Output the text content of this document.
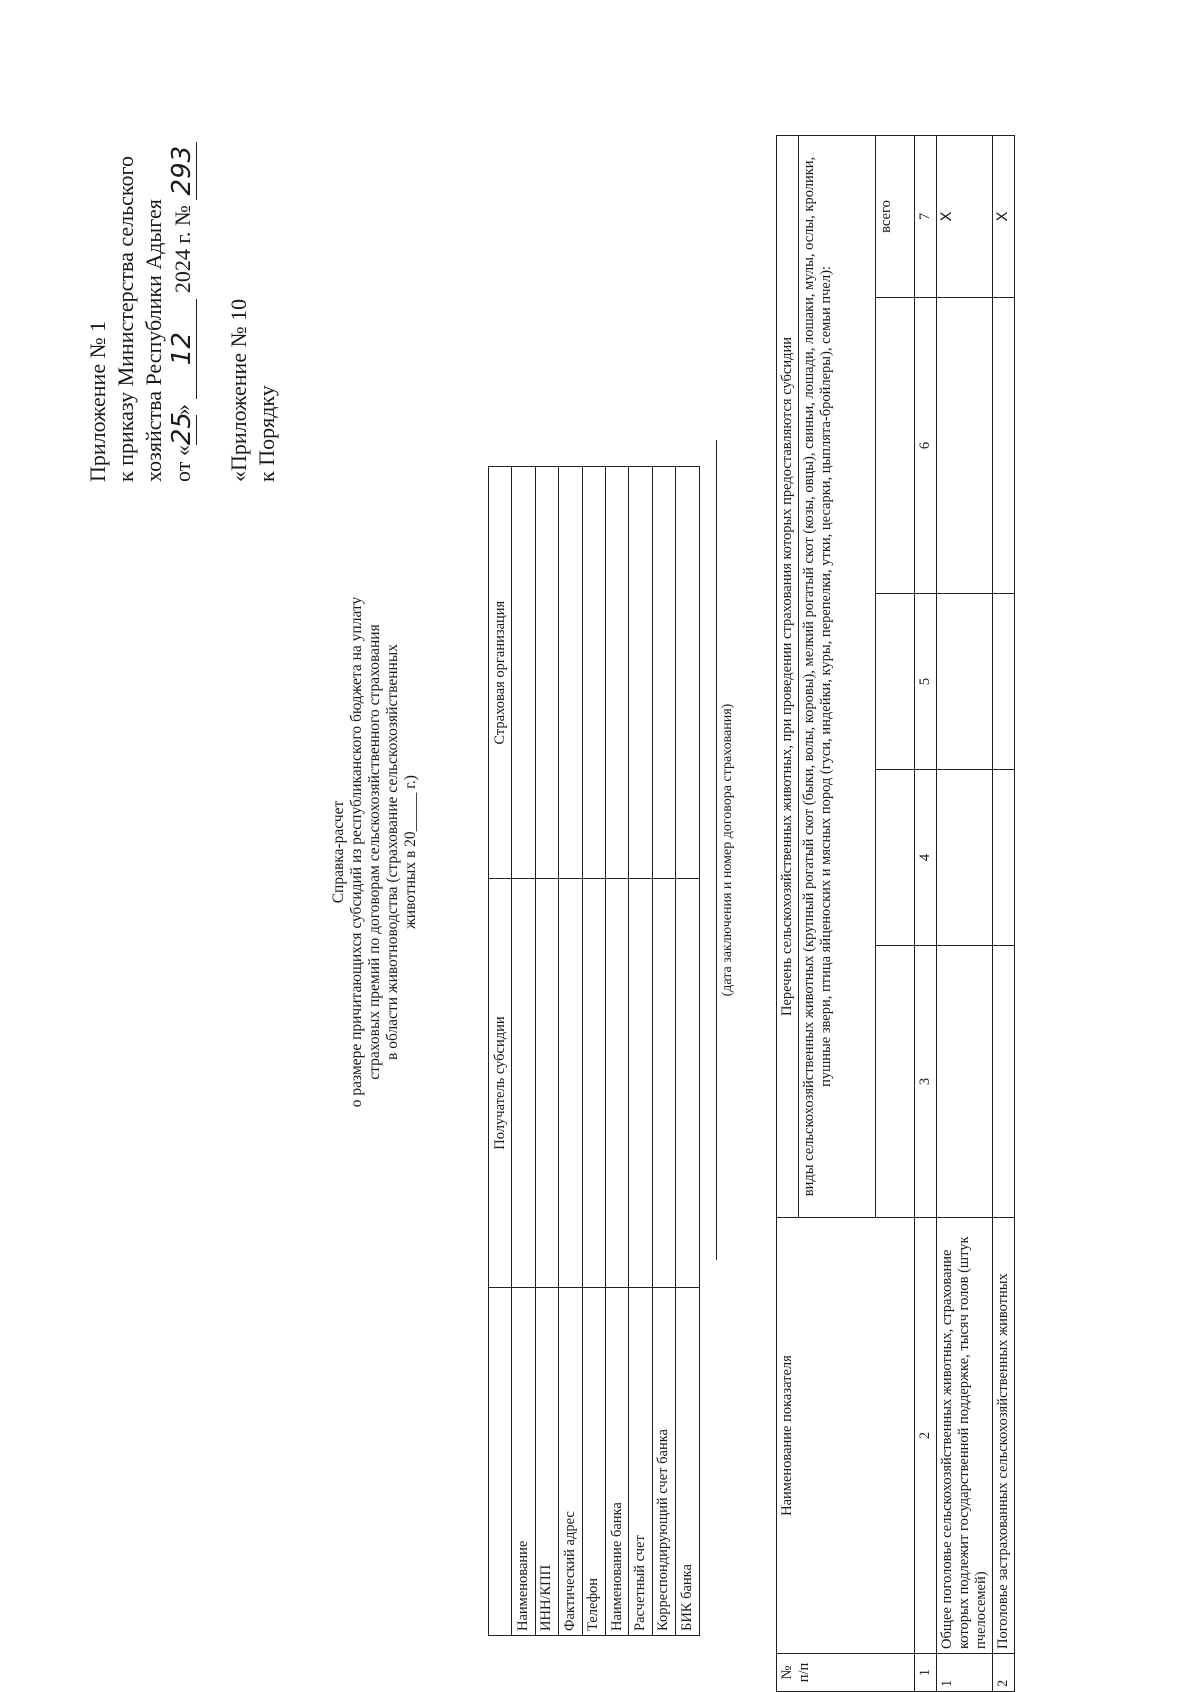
Приложение № 1 к приказу Министерства сельского хозяйства Республики Адыгея от «25» 12 2024 г. № 293
«Приложение № 10 к Порядку
Справка-расчет о размере причитающихся субсидий из республиканского бюджета на уплату страховых премий по договорам сельскохозяйственного страхования в области животноводства (страхование сельскохозяйственных животных в 20_____ г.)
	Получатель субсидии	Страховая организация
Наименование		
ИНН/КПП		
Фактический адрес		
Телефон		
Наименование банка		
Расчетный счет		
Корреспондирующий счет банка		
БИК банка		
(дата заключения и номер договора страхования)
№ п/п	Наименование показателя	Перечень сельскохозяйственных животных, при проведении страхования которых предоставляются субсидии				
		виды сельскохозяйственных животных (крупный рогатый скот (быки, волы, коровы), мелкий рогатый скот (козы, овцы), свиньи, лошади, лошаки, мулы, ослы, кролики, пушные звери, птица яйценоских и мясных пород (гуси, индейки, куры, перепелки, утки, цесарки, цыплята-бройлеры), семьи пчел):				
						всего
1	2	3	4	5	6	7
1	Общее поголовье сельскохозяйственных животных, страхование которых подлежит государственной поддержке, тысяч голов (штук пчелосемей)					Х
2	Поголовье застрахованных сельскохозяйственных животных					Х
